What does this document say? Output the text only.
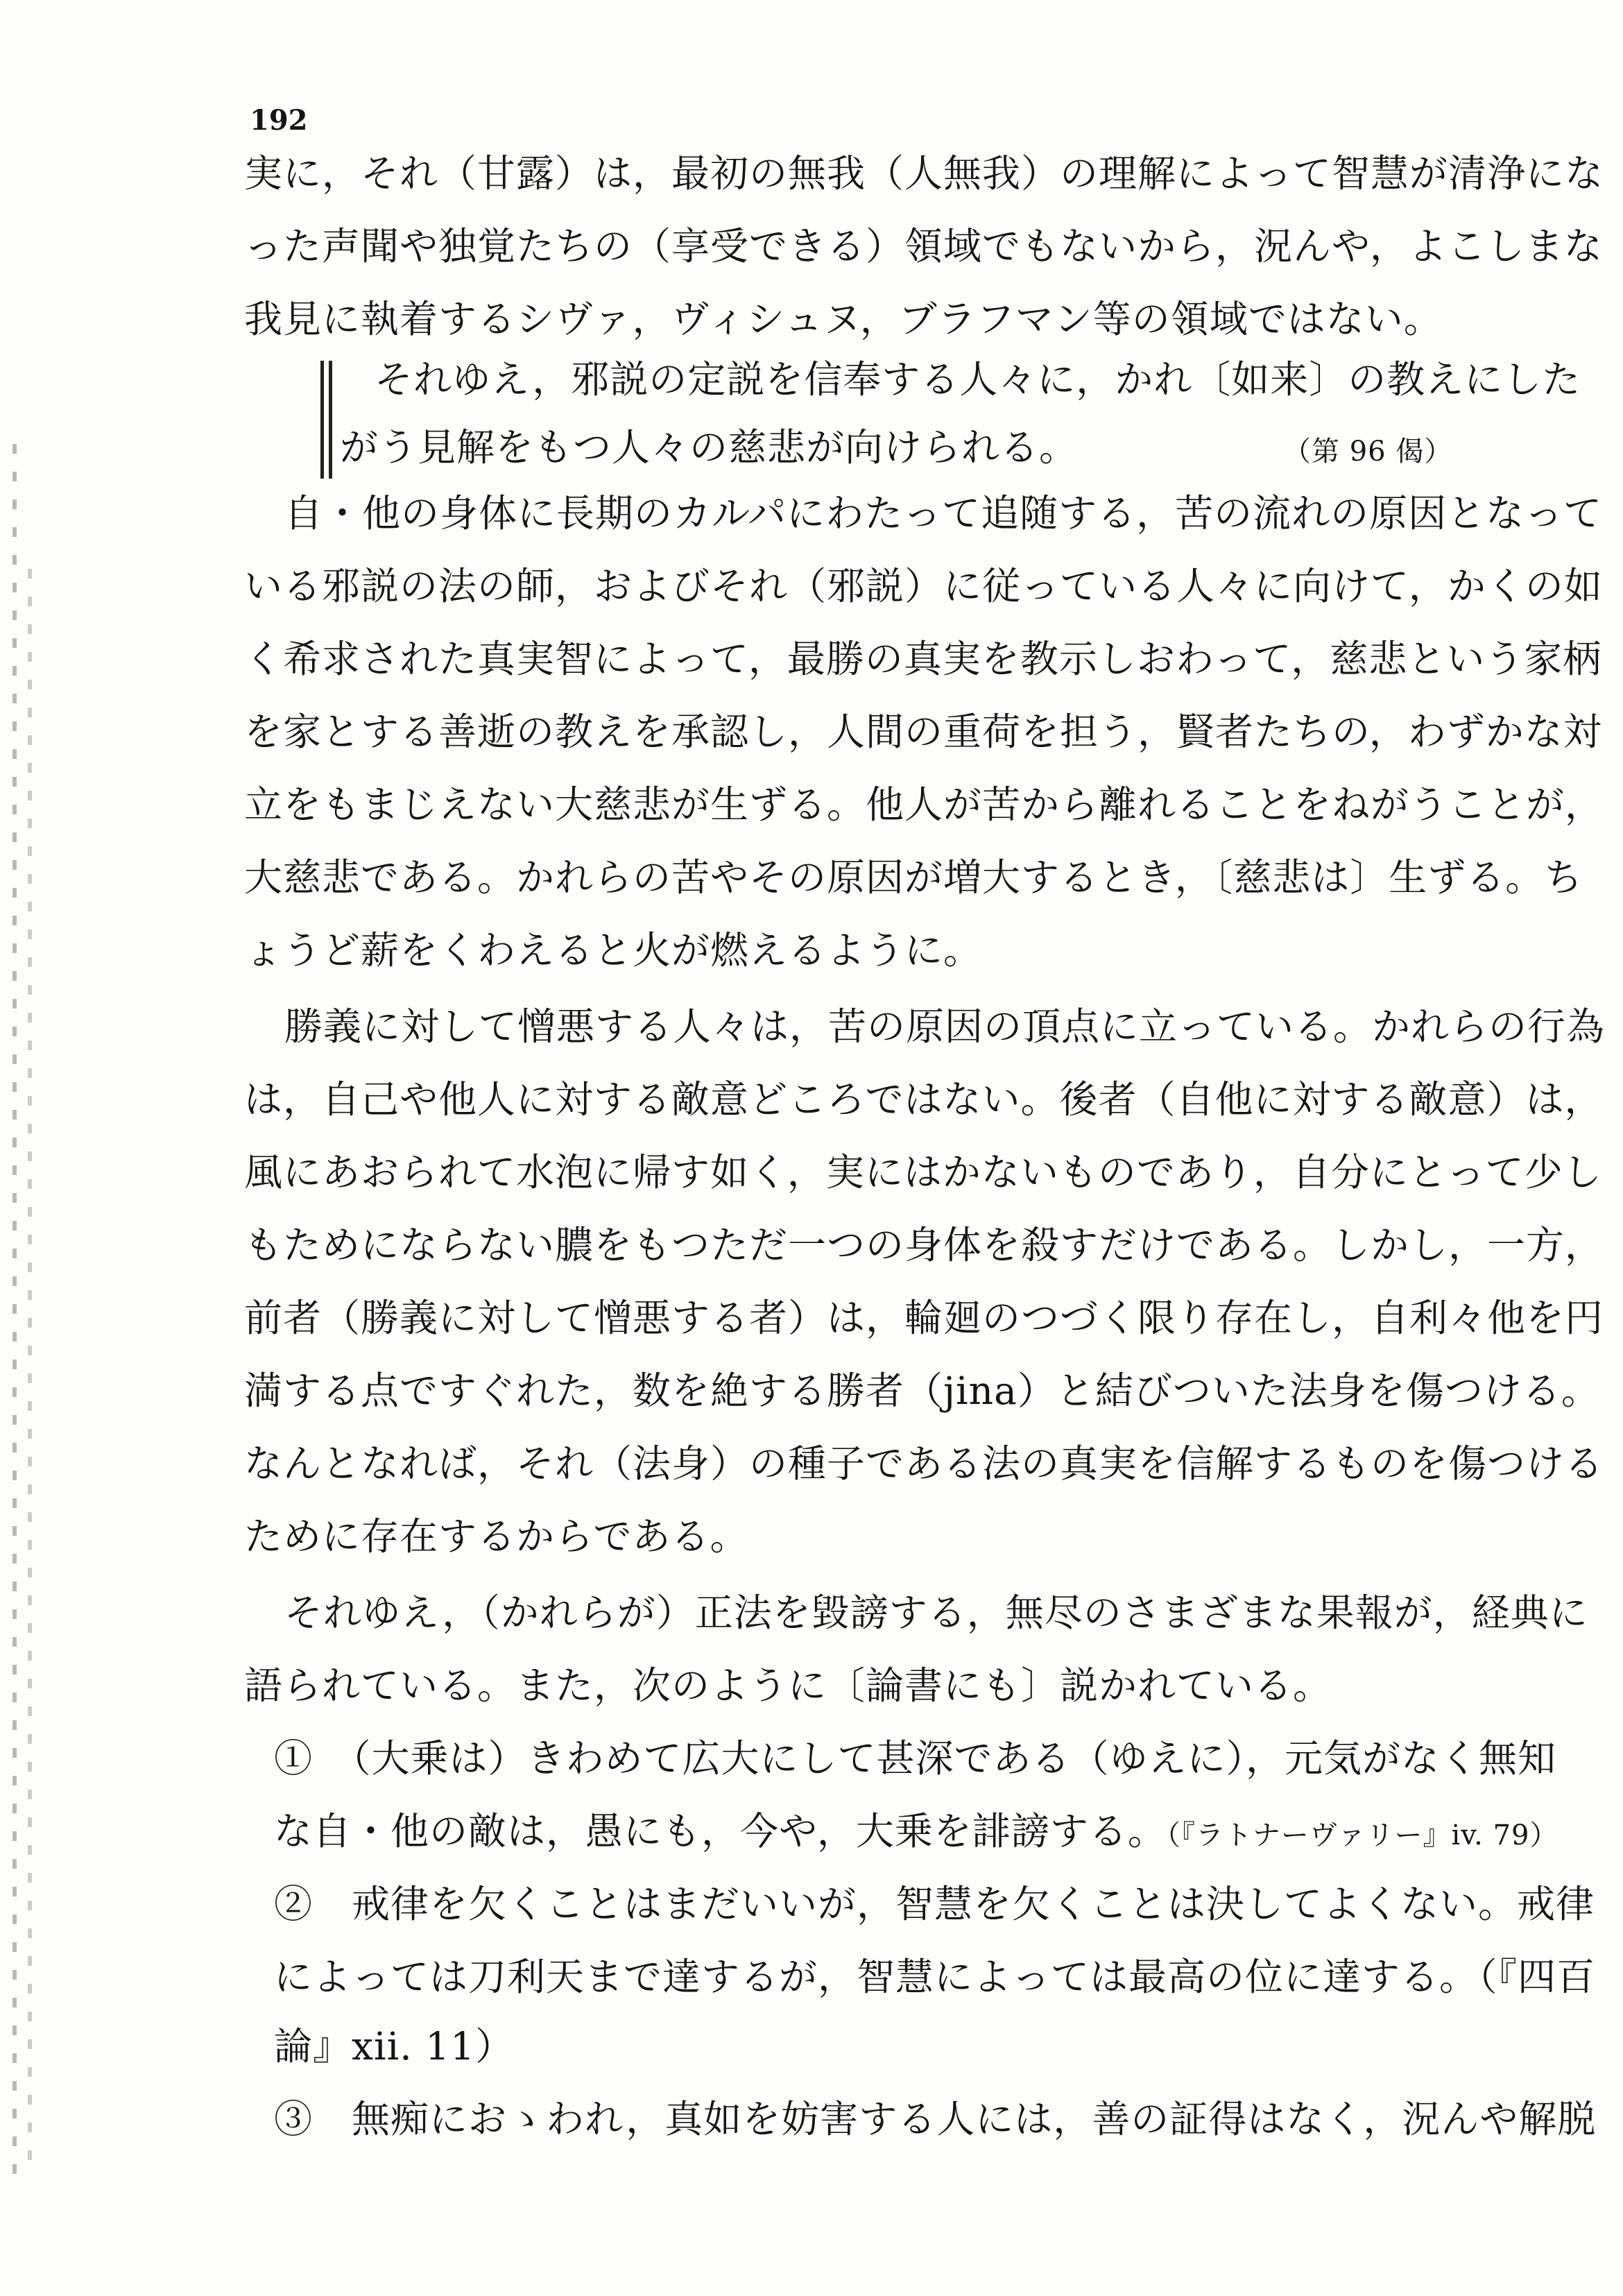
192
実に，それ（甘露）は，最初の無我（人無我）の理解によって智慧が清浄にな
った声聞や独覚たちの（享受できる）領域でもないから，況んや，よこしまな
我見に執着するシヴァ，ヴィシュヌ，ブラフマン等の領域ではない。
それゆえ，邪説の定説を信奉する人々に，かれ〔如来〕の教えにした
がう見解をもつ人々の慈悲が向けられる。	（第 96 偈）
自・他の身体に長期のカルパにわたって追随する，苦の流れの原因となって
いる邪説の法の師，およびそれ（邪説）に従っている人々に向けて，かくの如
く希求された真実智によって，最勝の真実を教示しおわって，慈悲という家柄
を家とする善逝の教えを承認し，人間の重荷を担う，賢者たちの，わずかな対
立をもまじえない大慈悲が生ずる。他人が苦から離れることをねがうことが，
大慈悲である。かれらの苦やその原因が増大するとき，〔慈悲は〕生ずる。ち
ょうど薪をくわえると火が燃えるように。
勝義に対して憎悪する人々は，苦の原因の頂点に立っている。かれらの行為
は，自己や他人に対する敵意どころではない。後者（自他に対する敵意）は，
風にあおられて水泡に帰す如く，実にはかないものであり，自分にとって少し
もためにならない膿をもつただ一つの身体を殺すだけである。しかし，一方，
前者（勝義に対して憎悪する者）は，輪廻のつづく限り存在し，自利々他を円
満する点ですぐれた，数を絶する勝者（jina）と結びついた法身を傷つける。
なんとなれば，それ（法身）の種子である法の真実を信解するものを傷つける
ために存在するからである。
それゆえ，（かれらが）正法を毀謗する，無尽のさまざまな果報が，経典に
語られている。また，次のように〔論書にも〕説かれている。
①　（大乗は）きわめて広大にして甚深である（ゆえに），元気がなく無知
な自・他の敵は，愚にも，今や，大乗を誹謗する。（『ラトナーヴァリー』iv. 79）
②　戒律を欠くことはまだいいが，智慧を欠くことは決してよくない。戒律
によっては刀利天まで達するが，智慧によっては最高の位に達する。（『四百
論』xii. 11）
③　無痴におゝわれ，真如を妨害する人には，善の証得はなく，況んや解脱
